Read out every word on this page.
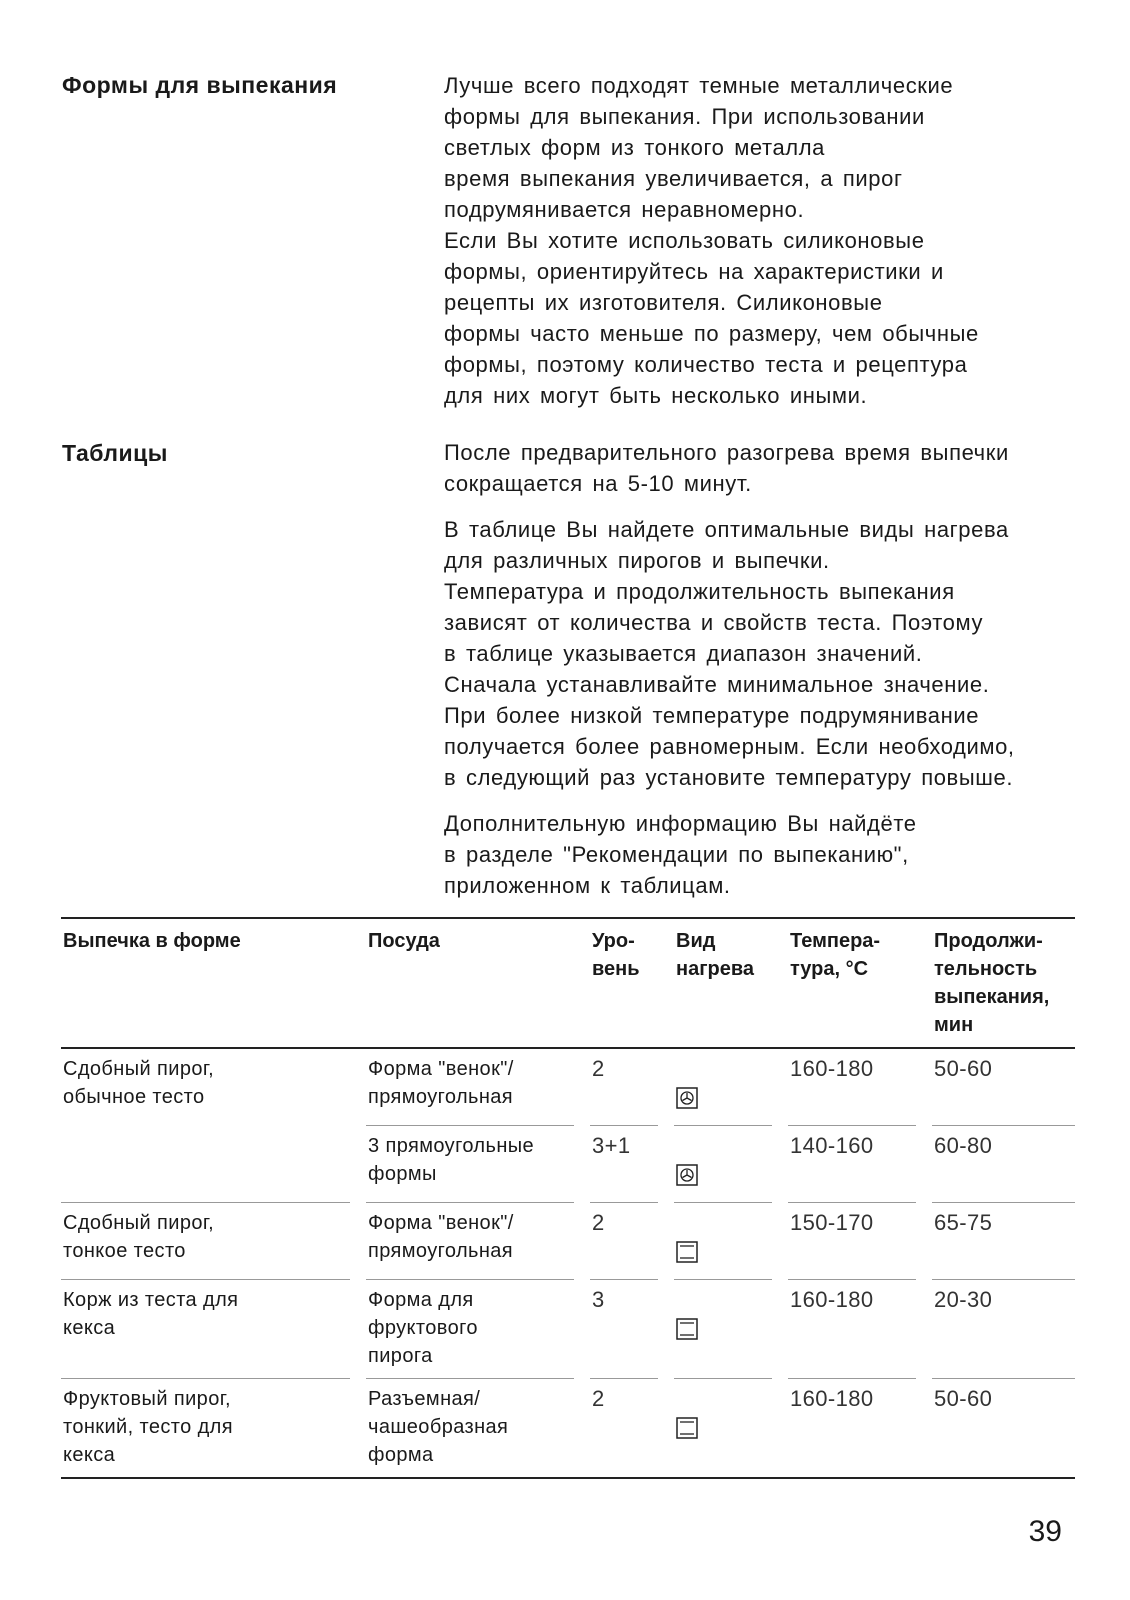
Формы для выпекания	Лучше всего подходят темные металлические
формы для выпекания. При использовании
светлых форм из тонкого металла
время выпекания увеличивается, а пирог
подрумянивается неравномерно.
Если Вы хотите использовать силиконовые
формы, ориентируйтесь на характеристики и
рецепты их изготовителя. Силиконовые
формы часто меньше по размеру, чем обычные
формы, поэтому количество теста и рецептура
для них могут быть несколько иными.

Таблицы	После предварительного разогрева время выпечки
сокращается на 5-10 минут.

В таблице Вы найдете оптимальные виды нагрева
для различных пирогов и выпечки.
Температура и продолжительность выпекания
зависят от количества и свойств теста. Поэтому
в таблице указывается диапазон значений.
Сначала устанавливайте минимальное значение.
При более низкой температуре подрумянивание
получается более равномерным. Если необходимо,
в следующий раз установите температуру повыше.

Дополнительную информацию Вы найдёте
в разделе "Рекомендации по выпеканию",
приложенном к таблицам.

Выпечка в форме		Посуда		Уро-
вень		Вид
нагрева		Темпера-
тура, °C		Продолжи-
тельность
выпекания,
мин
Сдобный пирог,
обычное тесто		Форма "венок"/
прямоугольная		2				160-180		50-60
		3 прямоугольные
формы		3+1				140-160		60-80
Сдобный пирог,
тонкое тесто		Форма "венок"/
прямоугольная		2				150-170		65-75
Корж из теста для
кекса		Форма для
фруктового
пирога		3				160-180		20-30
Фруктовый пирог,
тонкий, тесто для
кекса		Разъемная/
чашеобразная
форма		2				160-180		50-60
39
